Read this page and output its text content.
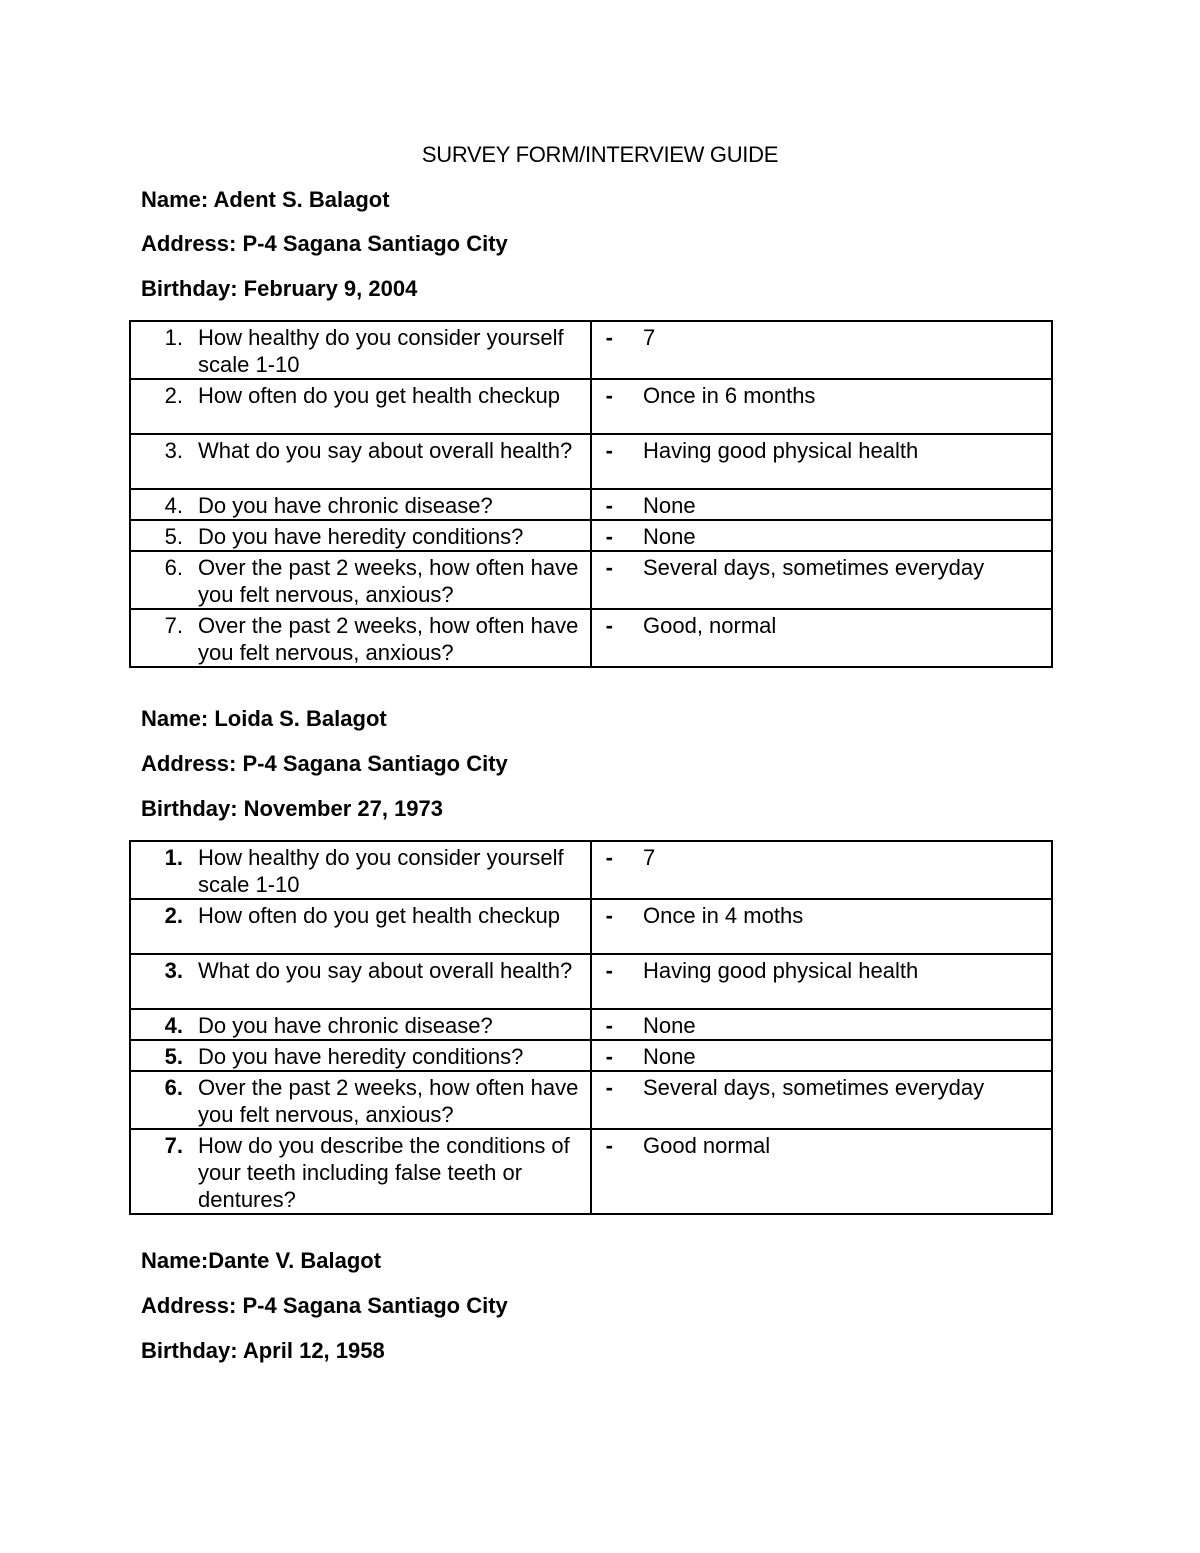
SURVEY FORM/INTERVIEW GUIDE
Name: Adent S. Balagot
Address: P-4 Sagana Santiago City
Birthday: February 9, 2004
1. How healthy do you consider yourself scale 1-10	- 7

2. How often do you get health checkup	- Once in 6 months

3. What do you say about overall health?	- Having good physical health

4. Do you have chronic disease?	- None

5. Do you have heredity conditions?	- None

6. Over the past 2 weeks, how often have you felt nervous, anxious?	- Several days, sometimes everyday

7. Over the past 2 weeks, how often have you felt nervous, anxious?	- Good, normal
Name: Loida S. Balagot
Address: P-4 Sagana Santiago City
Birthday: November 27, 1973
1. How healthy do you consider yourself scale 1-10	- 7

2. How often do you get health checkup	- Once in 4 moths

3. What do you say about overall health?	- Having good physical health

4. Do you have chronic disease?	- None

5. Do you have heredity conditions?	- None

6. Over the past 2 weeks, how often have you felt nervous, anxious?	- Several days, sometimes everyday

7. How do you describe the conditions of your teeth including false teeth or dentures?	- Good normal
Name:Dante V. Balagot
Address: P-4 Sagana Santiago City
Birthday: April 12, 1958
